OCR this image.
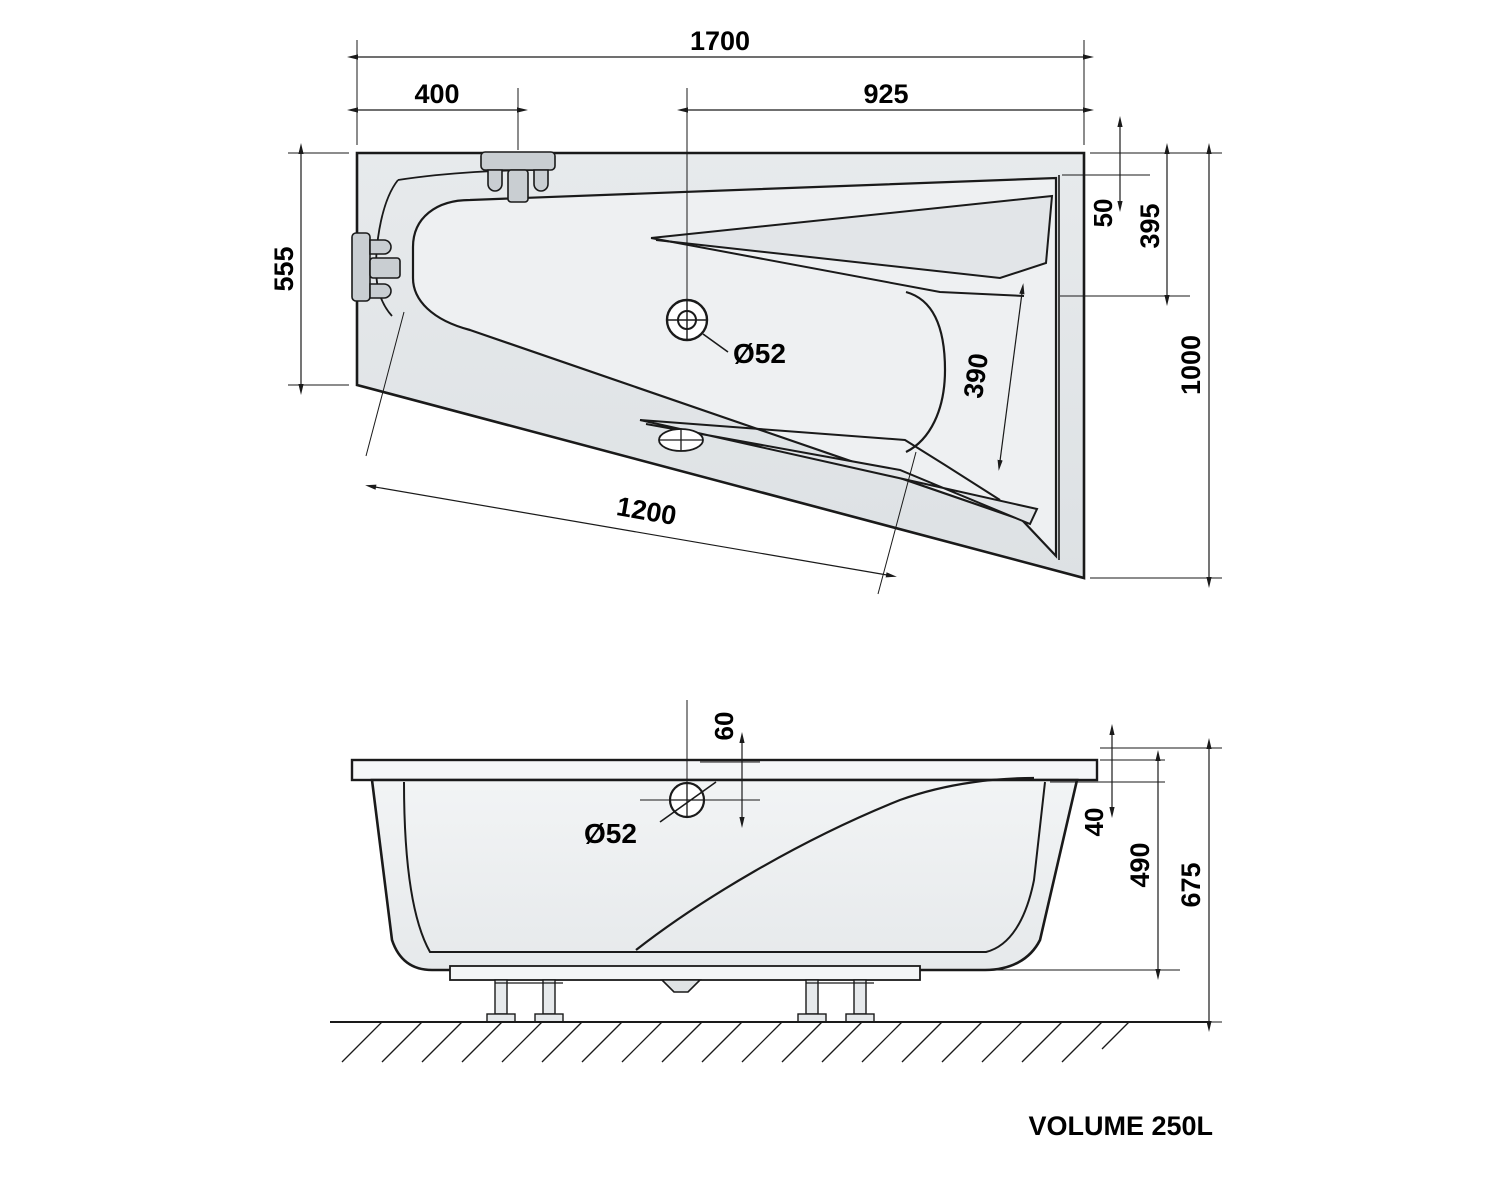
1700
400	925
555
50 395
1000
1200
390
Ø52
Ø52
60
40
490 675
VOLUME 250L
